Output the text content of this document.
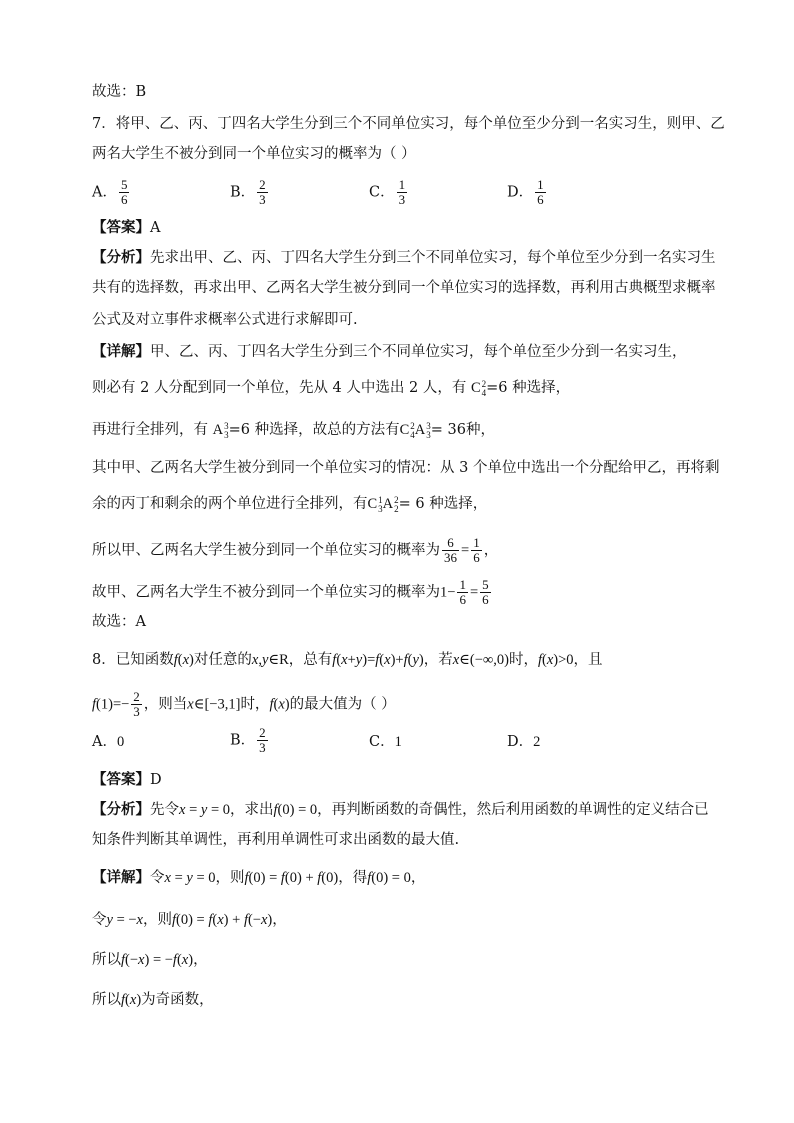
故选：B
7．将甲、乙、丙、丁四名大学生分到三个不同单位实习，每个单位至少分到一名实习生，则甲、乙
两名大学生不被分到同一个单位实习的概率为（ ）
A． $\frac{5}{6}$	B． $\frac{2}{3}$	C． $\frac{1}{3}$	D． $\frac{1}{6}$
【答案】A
【分析】先求出甲、乙、丙、丁四名大学生分到三个不同单位实习，每个单位至少分到一名实习生
共有的选择数，再求出甲、乙两名大学生被分到同一个单位实习的选择数，再利用古典概型求概率
公式及对立事件求概率公式进行求解即可.
【详解】甲、乙、丙、丁四名大学生分到三个不同单位实习，每个单位至少分到一名实习生，
则必有 2 人分配到同一个单位，先从 4 人中选出 2 人，有 C 2
4 =6 种选择，
再进行全排列，有 A 3
3 =6 种选择，故总的方法有C 2
4 A 3
3 = 36种，
其中甲、乙两名大学生被分到同一个单位实习的情况：从 3 个单位中选出一个分配给甲乙，再将剩
余的丙丁和剩余的两个单位进行全排列，有C 1
3 A 2
2 = 6 种选择，
所以甲、乙两名大学生被分到同一个单位实习的概率为 $\frac{6}{36} = \frac{1}{6}$ ，
故甲、乙两名大学生不被分到同一个单位实习的概率为$1- \frac{1}{6} = \frac{5}{6}$
故选：A
8．已知函数f(x)对任意的x,y∈R，总有f(x+y)=f(x)+f(y)，若x∈(−∞,0)时，f(x)>0，且
$f(1)=- \frac{2}{3}$ ，则当x∈[−3,1]时，f(x)的最大值为（ ）
A．0	B． $\frac{2}{3}$	C．1	D．2
【答案】D
【分析】先令x = y = 0，求出f(0) = 0，再判断函数的奇偶性，然后利用函数的单调性的定义结合已
知条件判断其单调性，再利用单调性可求出函数的最大值.
【详解】令x = y = 0，则f(0) = f(0) + f(0)，得f(0) = 0，
令y = −x，则f(0) = f(x) + f(−x)，
所以f(−x) = −f(x)，
所以f(x)为奇函数，
